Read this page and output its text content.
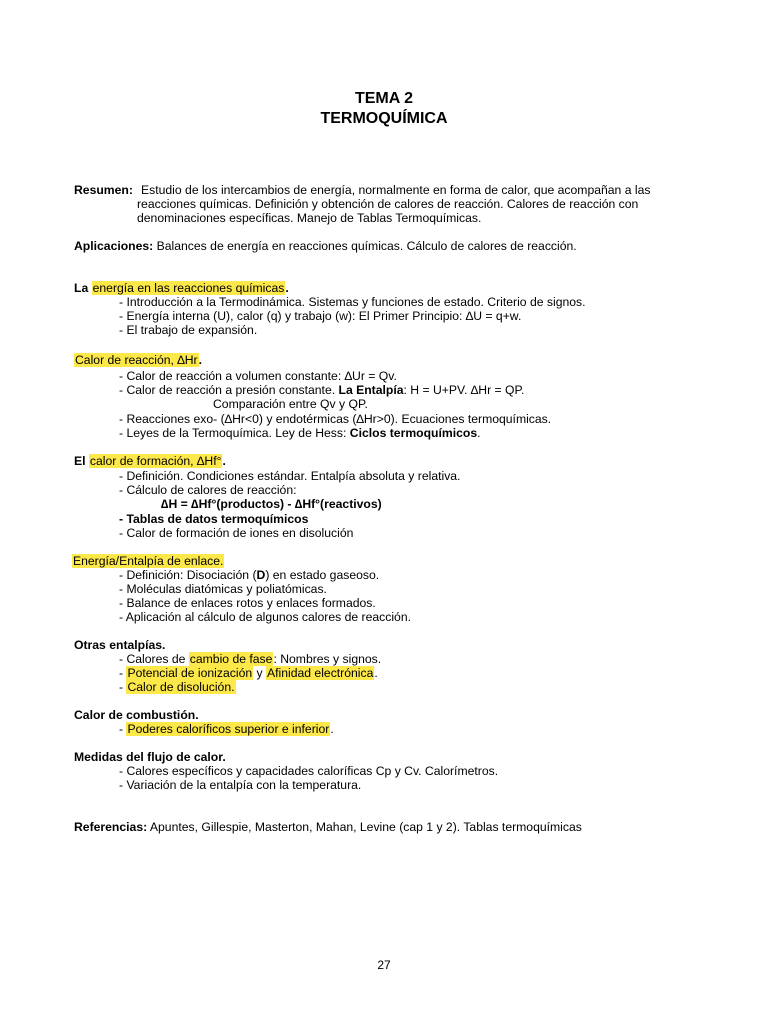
TEMA 2
TERMOQUÍMICA
Resumen: Estudio de los intercambios de energía, normalmente en forma de calor, que acompañan a las
reacciones químicas. Definición y obtención de calores de reacción. Calores de reacción con
denominaciones específicas. Manejo de Tablas Termoquímicas.
Aplicaciones: Balances de energía en reacciones químicas. Cálculo de calores de reacción.
La energía en las reacciones químicas.
- Introducción a la Termodinámica. Sistemas y funciones de estado. Criterio de signos.
- Energía interna (U), calor (q) y trabajo (w): El Primer Principio: ∆U = q+w.
- El trabajo de expansión.
Calor de reacción, ∆Hr.
- Calor de reacción a volumen constante: ∆Ur = Qv.
- Calor de reacción a presión constante. La Entalpía: H = U+PV. ∆Hr = QP.
Comparación entre Qv y QP.
- Reacciones exo- (∆Hr<0) y endotérmicas (∆Hr>0). Ecuaciones termoquímicas.
- Leyes de la Termoquímica. Ley de Hess: Ciclos termoquímicos.
El calor de formación, ∆Hf°.
- Definición. Condiciones estándar. Entalpía absoluta y relativa.
- Cálculo de calores de reacción:
∆H = ∆Hf°(productos) - ∆Hf°(reactivos)
- Tablas de datos termoquímicos
- Calor de formación de iones en disolución
Energía/Entalpía de enlace.
- Definición: Disociación (D) en estado gaseoso.
- Moléculas diatómicas y poliatómicas.
- Balance de enlaces rotos y enlaces formados.
- Aplicación al cálculo de algunos calores de reacción.
Otras entalpías.
- Calores de cambio de fase: Nombres y signos.
- Potencial de ionización y Afinidad electrónica.
- Calor de disolución.
Calor de combustión.
- Poderes caloríficos superior e inferior.
Medidas del flujo de calor.
- Calores específicos y capacidades caloríficas Cp y Cv. Calorímetros.
- Variación de la entalpía con la temperatura.
Referencias: Apuntes, Gillespie, Masterton, Mahan, Levine (cap 1 y 2). Tablas termoquímicas
27
